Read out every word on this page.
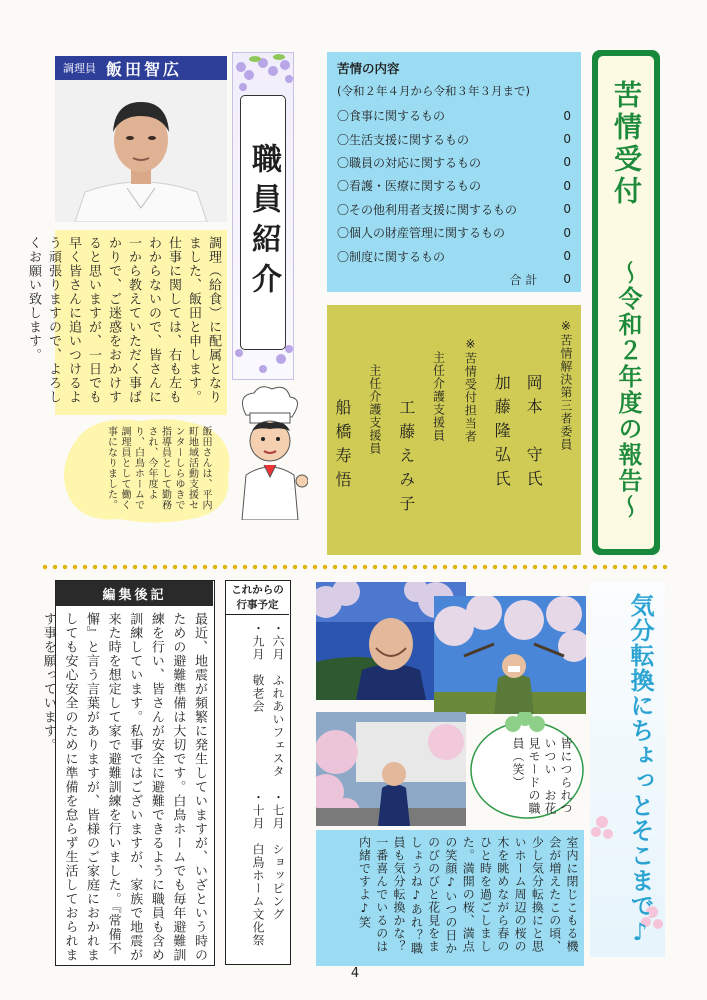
調理員 飯田智広
調理（給食）に配属となりました、飯田と申します。仕事に関しては、右も左もわからないので、皆さんに一から教えていただく事ばかりで、ご迷惑をおかけすると思いますが、一日でも早く皆さんに追いつけるよう頑張りますので、よろしくお願い致します。	職員紹介
飯田さんは、平内町地域活動支援センターしらゆきで指導員として勤務され、今年度より、白鳥ホームで調理員として働く事になりました。
苦情の内容
(令和２年４月から令和３年３月まで)
〇食事に関するもの	0
〇生活支援に関するもの	0
〇職員の対応に関するもの	0
〇看護・医療に関するもの	0
〇その他利用者支援に関するもの	0
〇個人の財産管理に関するもの	0
〇制度に関するもの	0
合 計 0
※苦情解決第三者委員
岡本　守氏
加藤隆弘氏
※苦情受付担当者
主任介護支援員
工藤えみ子
主任介護支援員
船橋寿悟
苦情受付
～令和２年度の報告～
編集後記
最近、地震が頻繁に発生していますが、いざという時のための避難準備は大切です。白鳥ホームでも毎年避難訓練を行い、皆さんが安全に避難できるように職員も含め訓練しています。私事ではございますが、家族で地震が来た時を想定して家で避難訓練を行いました。『常備不懈』と言う言葉がありますが、皆様のご家庭におかれましても安心安全のために準備を怠らず生活しておられます事を願っています。
これからの
行事予定
・六月　ふれあいフェスタ　・七月　ショッピング
・九月　敬老会　　　　　　・十月　白鳥ホーム文化祭	皆につられついつい　お花見モードの職員（笑）
室内に閉じこもる機会が増えたこの頃、少し気分転換にと思いホーム周辺の桜の木を眺めながら春のひと時を過ごしました。満開の桜、満点の笑顔♪いつの日かのびのびと花見をましょうね♪あれ？職員も気分転換かな？一番喜んでいるのは内緒ですよ♪笑	気分転換にちょっとそこまで♪
4
